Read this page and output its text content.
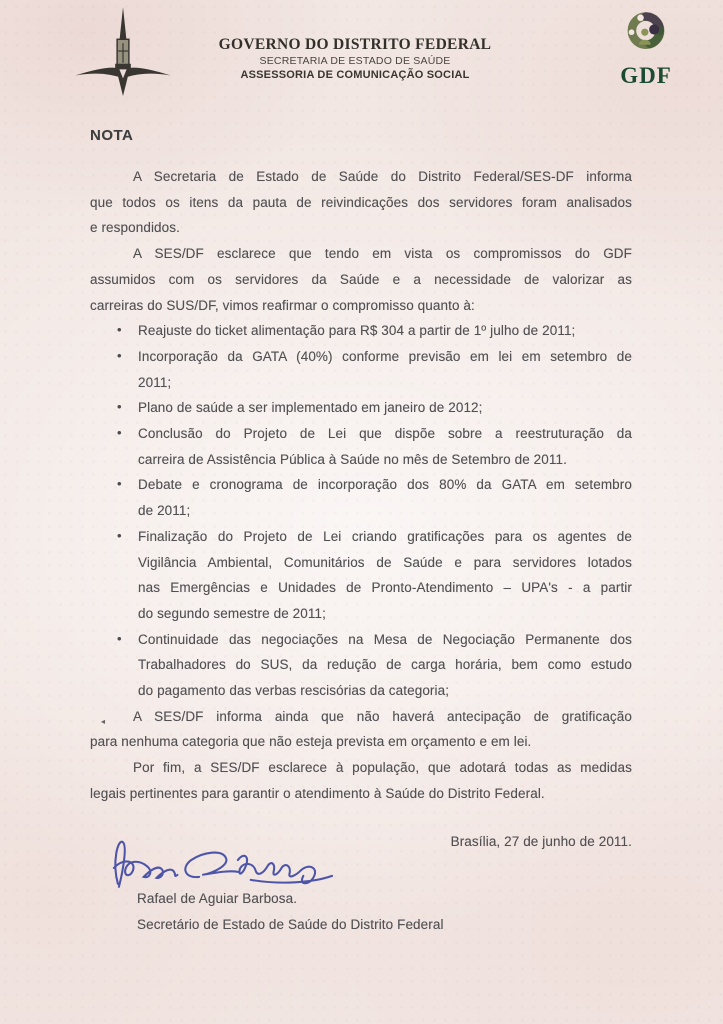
GOVERNO DO DISTRITO FEDERAL
SECRETARIA DE ESTADO DE SAÚDE
ASSESSORIA DE COMUNICAÇÃO SOCIAL	GDF
NOTA
A Secretaria de Estado de Saúde do Distrito Federal/SES-DF informa
que todos os itens da pauta de reivindicações dos servidores foram analisados
e respondidos.
A SES/DF esclarece que tendo em vista os compromissos do GDF
assumidos com os servidores da Saúde e a necessidade de valorizar as
carreiras do SUS/DF, vimos reafirmar o compromisso quanto à:
• Reajuste do ticket alimentação para R$ 304 a partir de 1º julho de 2011;
• Incorporação da GATA (40%) conforme previsão em lei em setembro de
2011;
• Plano de saúde a ser implementado em janeiro de 2012;
• Conclusão do Projeto de Lei que dispõe sobre a reestruturação da
carreira de Assistência Pública à Saúde no mês de Setembro de 2011.
• Debate e cronograma de incorporação dos 80% da GATA em setembro
de 2011;
• Finalização do Projeto de Lei criando gratificações para os agentes de
Vigilância Ambiental, Comunitários de Saúde e para servidores lotados
nas Emergências e Unidades de Pronto-Atendimento – UPA's - a partir
do segundo semestre de 2011;
• Continuidade das negociações na Mesa de Negociação Permanente dos
Trabalhadores do SUS, da redução de carga horária, bem como estudo
do pagamento das verbas rescisórias da categoria;
◂ A SES/DF informa ainda que não haverá antecipação de gratificação
para nenhuma categoria que não esteja prevista em orçamento e em lei.
Por fim, a SES/DF esclarece à população, que adotará todas as medidas
legais pertinentes para garantir o atendimento à Saúde do Distrito Federal.
Brasília, 27 de junho de 2011.
Rafael de Aguiar Barbosa.
Secretário de Estado de Saúde do Distrito Federal
